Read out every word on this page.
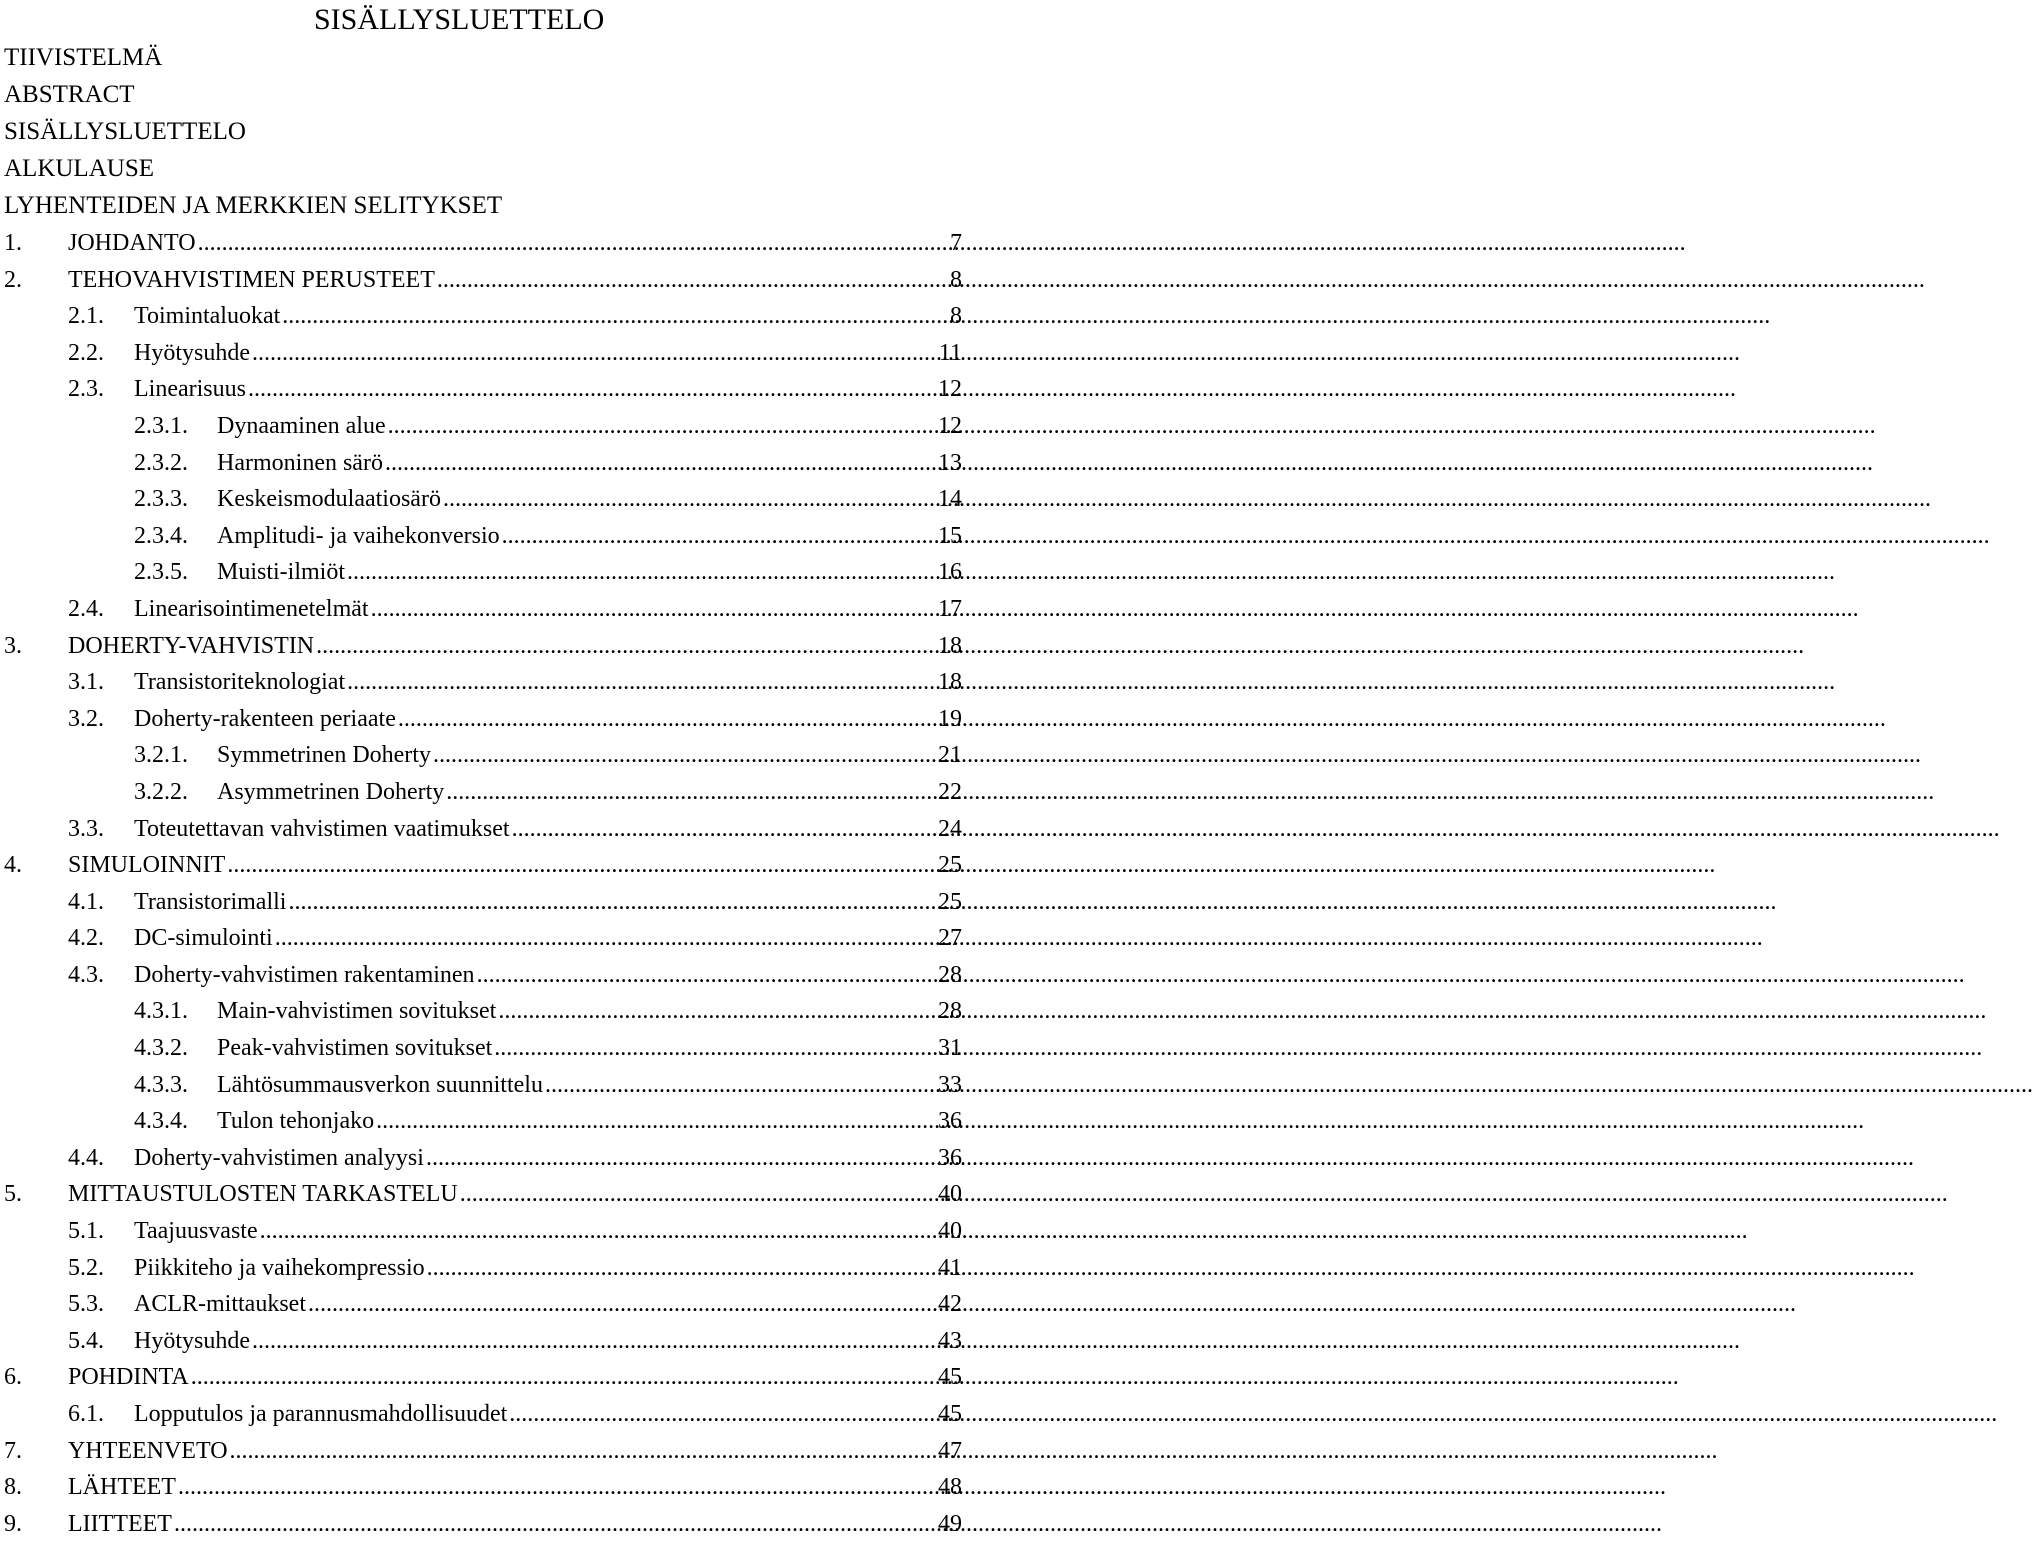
SISÄLLYSLUETTELO
TIIVISTELMÄ
ABSTRACT
SISÄLLYSLUETTELO
ALKULAUSE
LYHENTEIDEN JA MERKKIEN SELITYKSET
1.	JOHDANTO .....	7
2.	TEHOVAHVISTIMEN PERUSTEET .....	8
2.1.	Toimintaluokat .....	8
2.2.	Hyötysuhde .....	11
2.3.	Linearisuus .....	12
2.3.1.	Dynaaminen alue .....	12
2.3.2.	Harmoninen särö .....	13
2.3.3.	Keskeismodulaatiosärö .....	14
2.3.4.	Amplitudi- ja vaihekonversio .....	15
2.3.5.	Muisti-ilmiöt .....	16
2.4.	Linearisointimenetelmät .....	17
3.	DOHERTY-VAHVISTIN .....	18
3.1.	Transistoriteknologiat .....	18
3.2.	Doherty-rakenteen periaate .....	19
3.2.1.	Symmetrinen Doherty .....	21
3.2.2.	Asymmetrinen Doherty .....	22
3.3.	Toteutettavan vahvistimen vaatimukset .....	24
4.	SIMULOINNIT .....	25
4.1.	Transistorimalli .....	25
4.2.	DC-simulointi .....	27
4.3.	Doherty-vahvistimen rakentaminen .....	28
4.3.1.	Main-vahvistimen sovitukset .....	28
4.3.2.	Peak-vahvistimen sovitukset .....	31
4.3.3.	Lähtösummausverkon suunnittelu .....	33
4.3.4.	Tulon tehonjako .....	36
4.4.	Doherty-vahvistimen analyysi .....	36
5.	MITTAUSTULOSTEN TARKASTELU .....	40
5.1.	Taajuusvaste .....	40
5.2.	Piikkiteho ja vaihekompressio .....	41
5.3.	ACLR-mittaukset .....	42
5.4.	Hyötysuhde .....	43
6.	POHDINTA .....	45
6.1.	Lopputulos ja parannusmahdollisuudet .....	45
7.	YHTEENVETO .....	47
8.	LÄHTEET .....	48
9.	LIITTEET .....	49
